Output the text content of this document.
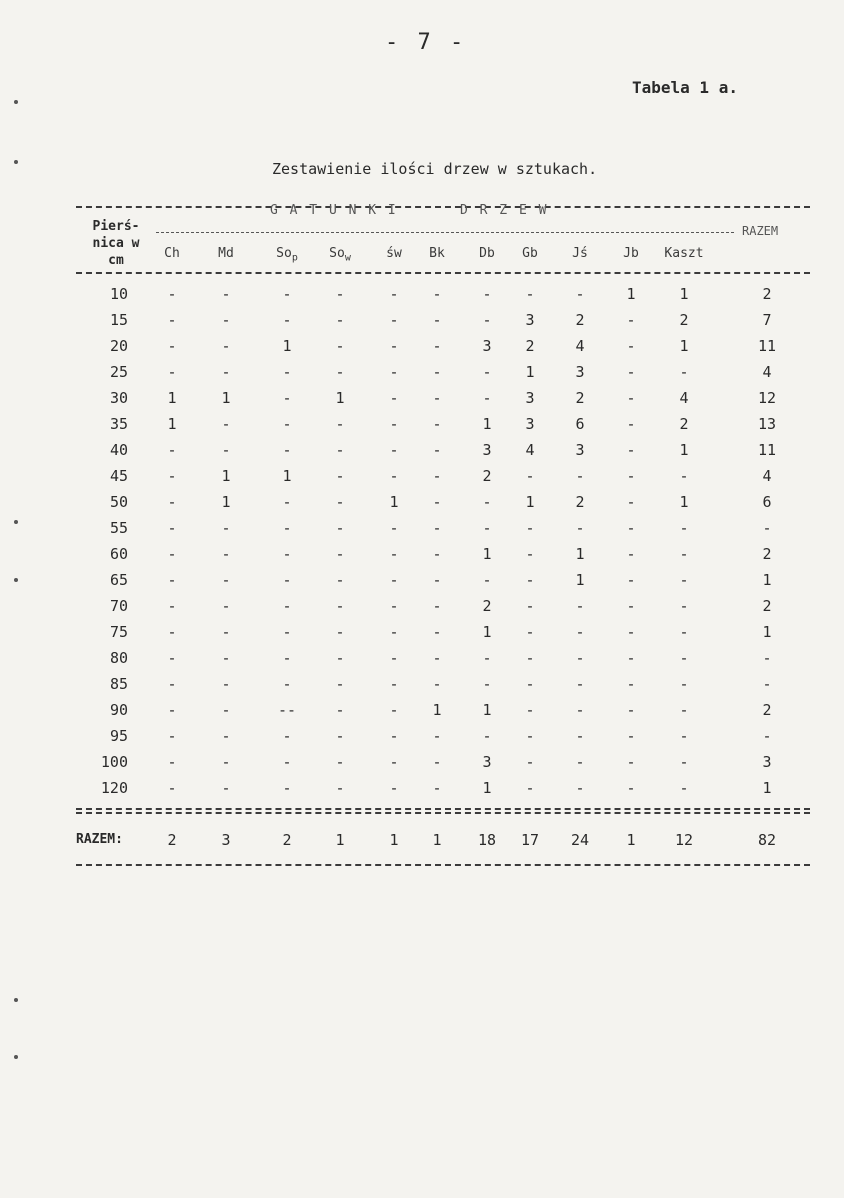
- 7 -
Tabela 1 a.
Zestawienie ilości drzew w sztukach.
Pierś-
nica w
cm
G A T U N K I	D R Z E W
RAZEM
Ch	Md	$So_p$	$So_w$	św	Bk	Db	Gb	Jś	Jb	Kaszt
10	-	-	-	-	-	-	-	-	-	1	1	2
15	-	-	-	-	-	-	-	3	2	-	2	7
20	-	-	1	-	-	-	3	2	4	-	1	11
25	-	-	-	-	-	-	-	1	3	-	-	4
30	1	1	-	1	-	-	-	3	2	-	4	12
35	1	-	-	-	-	-	1	3	6	-	2	13
40	-	-	-	-	-	-	3	4	3	-	1	11
45	-	1	1	-	-	-	2	-	-	-	-	4
50	-	1	-	-	1	-	-	1	2	-	1	6
55	-	-	-	-	-	-	-	-	-	-	-	-
60	-	-	-	-	-	-	1	-	1	-	-	2
65	-	-	-	-	-	-	-	-	1	-	-	1
70	-	-	-	-	-	-	2	-	-	-	-	2
75	-	-	-	-	-	-	1	-	-	-	-	1
80	-	-	-	-	-	-	-	-	-	-	-	-
85	-	-	-	-	-	-	-	-	-	-	-	-
90	-	-	--	-	-	1	1	-	-	-	-	2
95	-	-	-	-	-	-	-	-	-	-	-	-
100	-	-	-	-	-	-	3	-	-	-	-	3
120	-	-	-	-	-	-	1	-	-	-	-	1
RAZEM:	2	3	2	1	1	1	18	17	24	1	12	82
